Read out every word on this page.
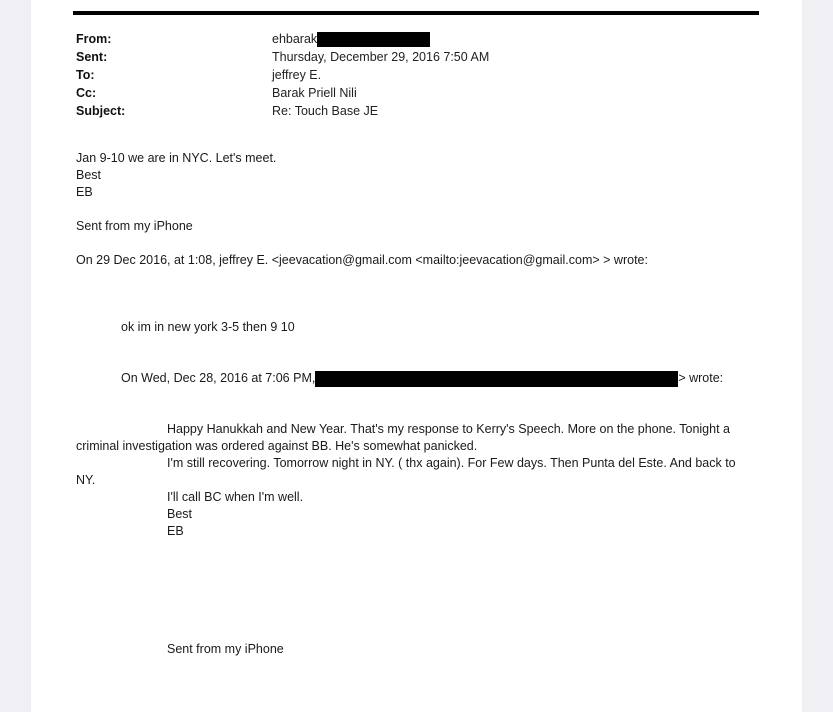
From:	ehbarak
Sent:	Thursday, December 29, 2016 7:50 AM
To:	jeffrey E.
Cc:	Barak Priell Nili
Subject:	Re: Touch Base JE
Jan 9-10 we are in NYC. Let's meet.
Best
EB
Sent from my iPhone
On 29 Dec 2016, at 1:08, jeffrey E. <jeevacation@gmail.com <mailto:jeevacation@gmail.com> > wrote:
ok im in new york 3-5 then 9 10
On Wed, Dec 28, 2016 at 7:06 PM,	> wrote:
Happy Hanukkah and New Year. That's my response to Kerry's Speech. More on the phone. Tonight a
criminal investigation was ordered against BB. He's somewhat panicked.
I'm still recovering. Tomorrow night in NY. ( thx again). For Few days. Then Punta del Este. And back to
NY.
I'll call BC when I'm well.
Best
EB
Sent from my iPhone
